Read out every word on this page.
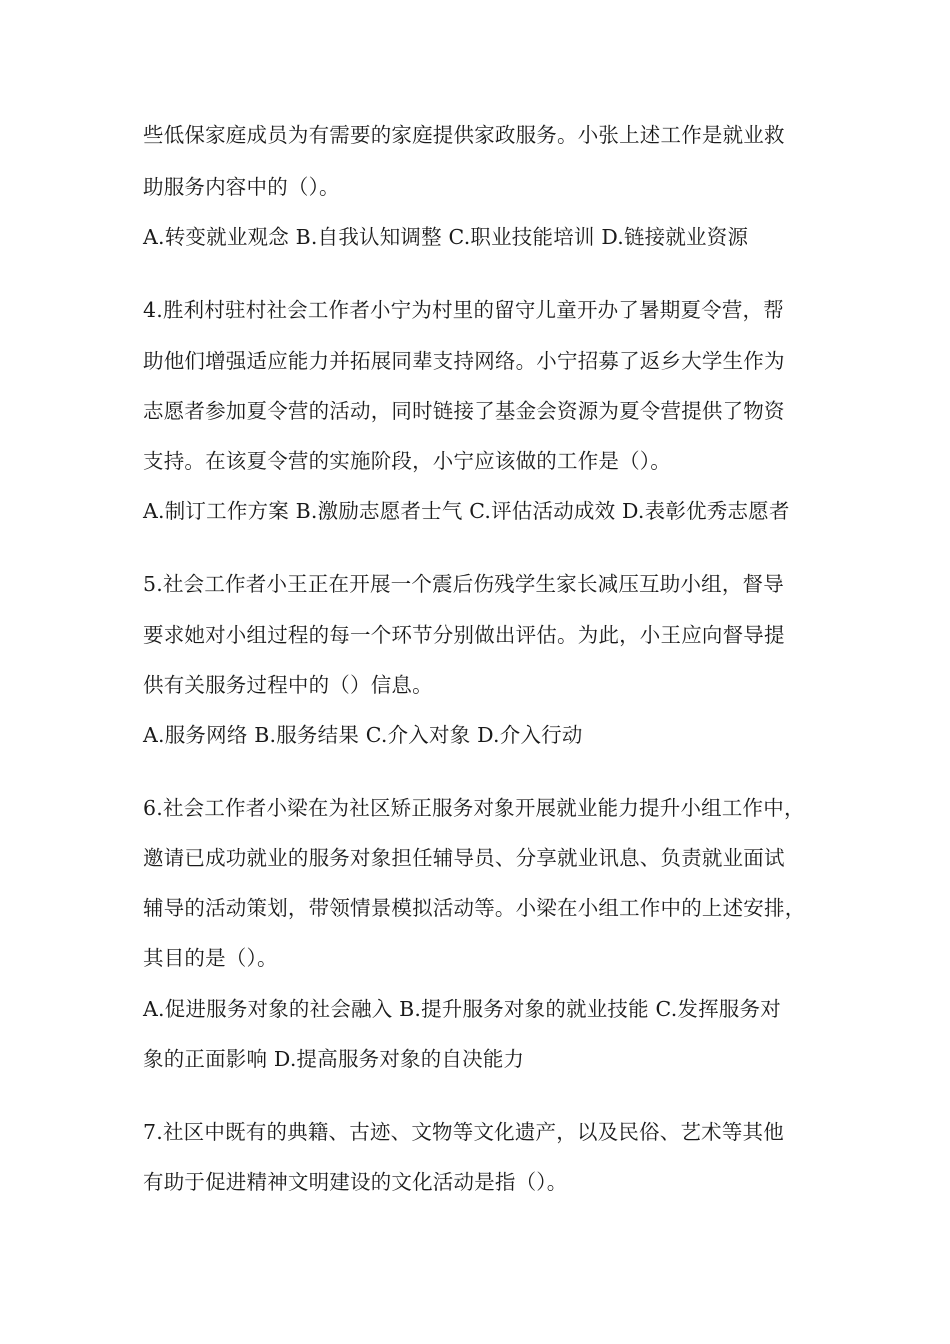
些低保家庭成员为有需要的家庭提供家政服务。小张上述工作是就业救
助服务内容中的（）。
A.转变就业观念 B.自我认知调整 C.职业技能培训 D.链接就业资源
4.胜利村驻村社会工作者小宁为村里的留守儿童开办了暑期夏令营，帮
助他们增强适应能力并拓展同辈支持网络。小宁招募了返乡大学生作为
志愿者参加夏令营的活动，同时链接了基金会资源为夏令营提供了物资
支持。在该夏令营的实施阶段，小宁应该做的工作是（）。
A.制订工作方案 B.激励志愿者士气 C.评估活动成效 D.表彰优秀志愿者
5.社会工作者小王正在开展一个震后伤残学生家长减压互助小组，督导
要求她对小组过程的每一个环节分别做出评估。为此，小王应向督导提
供有关服务过程中的（）信息。
A.服务网络 B.服务结果 C.介入对象 D.介入行动
6.社会工作者小梁在为社区矫正服务对象开展就业能力提升小组工作中，
邀请已成功就业的服务对象担任辅导员、分享就业讯息、负责就业面试
辅导的活动策划，带领情景模拟活动等。小梁在小组工作中的上述安排，
其目的是（）。
A.促进服务对象的社会融入 B.提升服务对象的就业技能 C.发挥服务对
象的正面影响 D.提高服务对象的自决能力
7.社区中既有的典籍、古迹、文物等文化遗产，以及民俗、艺术等其他
有助于促进精神文明建设的文化活动是指（）。
